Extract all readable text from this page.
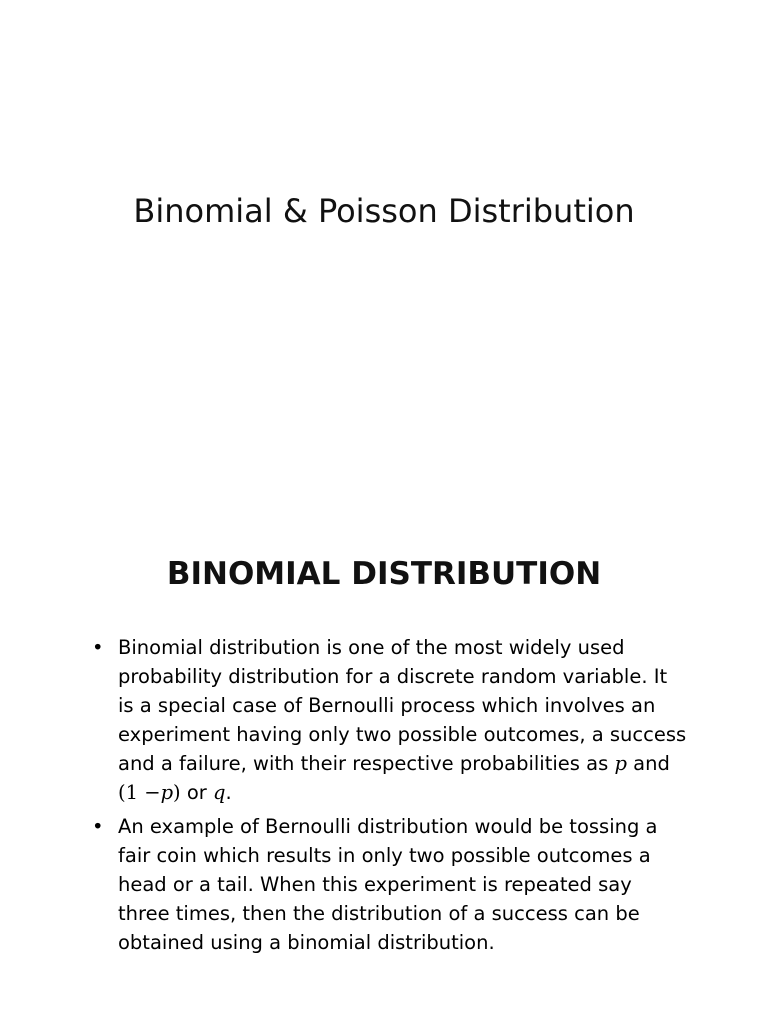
Binomial & Poisson Distribution
BINOMIAL DISTRIBUTION
• Binomial distribution is one of the most widely used probability distribution for a discrete random variable. It is a special case of Bernoulli process which involves an experiment having only two possible outcomes, a success and a failure, with their respective probabilities as p and (1 −p) or q.
• An example of Bernoulli distribution would be tossing a fair coin which results in only two possible outcomes a head or a tail. When this experiment is repeated say three times, then the distribution of a success can be obtained using a binomial distribution.
